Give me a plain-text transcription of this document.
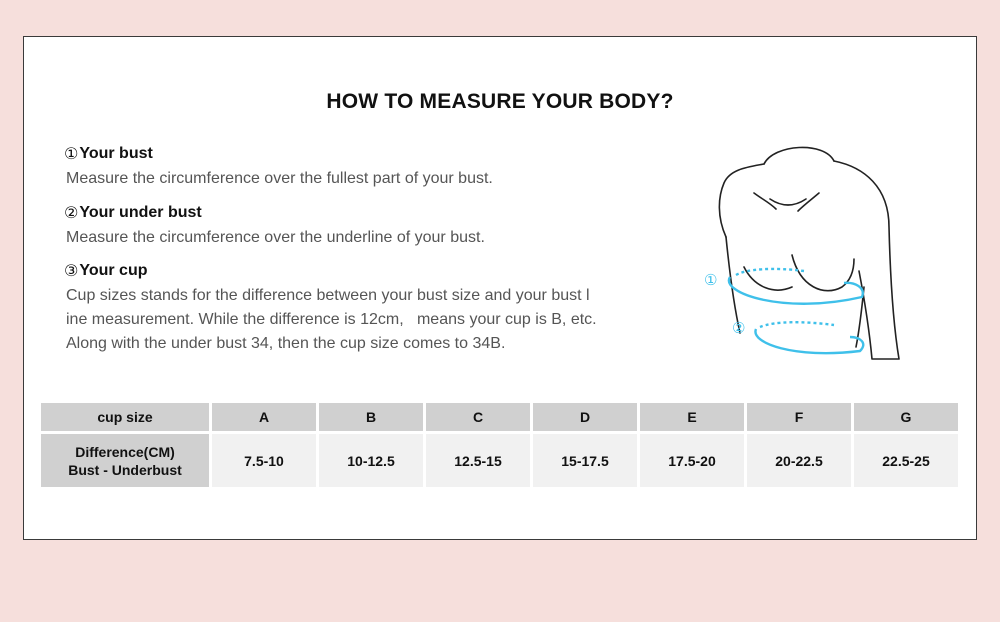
HOW TO MEASURE YOUR BODY?
① Your bust
Measure the circumference over the fullest part of your bust.
② Your under bust
Measure the circumference over the underline of your bust.
③ Your cup
Cup sizes stands for the difference between your bust size and your bust l
ine measurement. While the difference is 12cm,   means your cup is B, etc.
Along with the under bust 34, then the cup size comes to 34B.
①
②
cup size	A	B	C	D	E	F	G

Difference(CM)
Bust - Underbust	7.5-10	10-12.5	12.5-15	15-17.5	17.5-20	20-22.5	22.5-25
